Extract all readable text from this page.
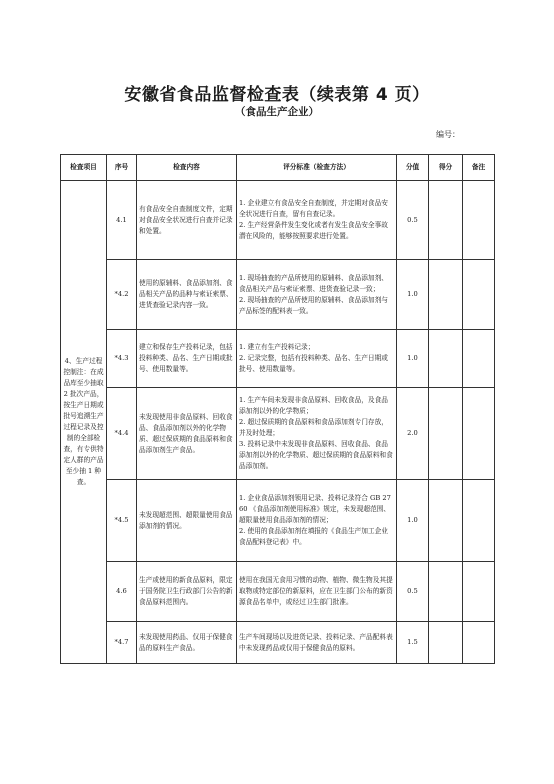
安徽省食品监督检查表（续表第 4 页）
（食品生产企业）
编号：
检查项目	序号	检查内容	评分标准（检查方法）	分值	得分	备注
4、生产过程控制注：在成品库至少抽取 2 批次产品，按生产日期或批号追溯生产过程记录及控制的全部检查，有专供特定人群的产品至少抽 1 种查。	4.1	有食品安全自查制度文件，定期对食品安全状况进行自查并记录和处置。	1. 企业建立有食品安全自查制度，并定期对食品安全状况进行自查，留有自查记录。
2. 生产经营条件发生变化或者有发生食品安全事故潜在风险的，能够按照要求进行处置。	0.5		
	*4.2	使用的原辅料、食品添加剂、食品相关产品的品种与索证索票、进货查验记录内容一致。	1. 现场抽查的产品所使用的原辅料、食品添加剂、食品相关产品与索证索票、进货查验记录一致；
2. 现场抽查的产品所使用的原辅料、食品添加剂与产品标签的配料表一致。	1.0		
	*4.3	建立和保存生产投料记录，包括投料种类、品名、生产日期或批号、使用数量等。	1. 建立有生产投料记录；
2. 记录完整，包括有投料种类、品名、生产日期或批号、使用数量等。	1.0		
	*4.4	未发现使用非食品原料、回收食品、食品添加剂以外的化学物质、超过保质期的食品原料和食品添加剂生产食品。	1. 生产车间未发现非食品原料、回收食品，及食品添加剂以外的化学物质；
2. 超过保质期的食品原料和食品添加剂专门存放，并及时处理；
3. 投料记录中未发现非食品原料、回收食品、食品添加剂以外的化学物质、超过保质期的食品原料和食品添加剂。	2.0		
	*4.5	未发现超范围、超限量使用食品添加剂的情况。	1. 企业食品添加剂领用记录、投料记录符合 GB 2760 《食品添加剂使用标准》规定，未发现超范围、超限量使用食品添加剂的情况；
2. 使用的食品添加剂在填报的《食品生产加工企业食品配料登记表》中。	1.0		
	4.6	生产或使用的新食品原料，限定于国务院卫生行政部门公告的新食品原料范围内。	使用在我国无食用习惯的动物、植物、微生物及其提取物或特定部位的新原料，应在卫生部门公布的新资源食品名单中，或经过卫生部门批准。	0.5		
	*4.7	未发现使用药品、仅用于保健食品的原料生产食品。	生产车间现场以及进货记录、投料记录、产品配料表中未发现药品或仅用于保健食品的原料。	1.5		
